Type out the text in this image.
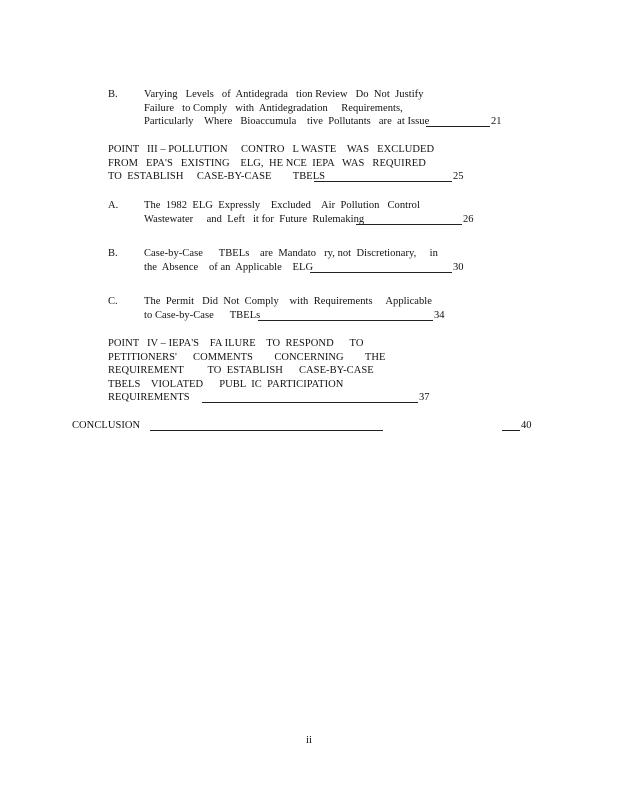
B.	Varying   Levels   of  Antidegrada   tion Review   Do  Not  Justify
Failure   to Comply   with  Antidegradation     Requirements,
Particularly    Where   Bioaccumula    tive  Pollutants   are  at Issue	21
POINT   III – POLLUTION     CONTRO   L WASTE    WAS   EXCLUDED
FROM   EPA'S   EXISTING    ELG,  HE NCE  IEPA   WAS   REQUIRED
TO  ESTABLISH     CASE-BY-CASE        TBELS	25
A. The  1982  ELG  Expressly    Excluded    Air  Pollution   Control
Wastewater     and  Left   it for  Future  Rulemaking	26
B.	Case-by-Case      TBELs    are  Mandato   ry, not  Discretionary,     in
the  Absence    of an  Applicable    ELG	30
C.	The  Permit   Did  Not  Comply    with  Requirements     Applicable
to Case-by-Case      TBELs	34
POINT   IV – IEPA'S    FA ILURE    TO  RESPOND      TO
PETITIONERS'      COMMENTS        CONCERNING        THE
REQUIREMENT         TO  ESTABLISH      CASE-BY-CASE
TBELS    VIOLATED      PUBL  IC  PARTICIPATION
REQUIREMENTS	37
CONCLUSION	40
ii
